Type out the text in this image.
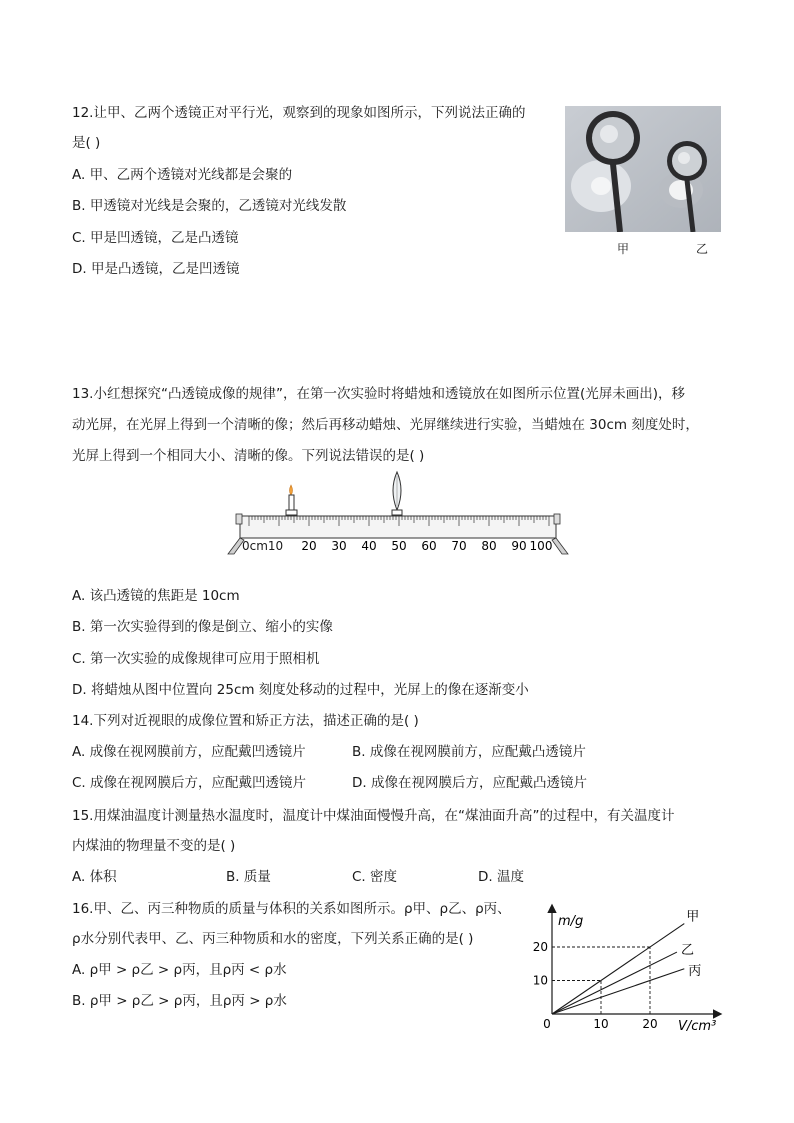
12.让甲、乙两个透镜正对平行光，观察到的现象如图所示，下列说法正确的
是( )
A. 甲、乙两个透镜对光线都是会聚的
B. 甲透镜对光线是会聚的，乙透镜对光线发散
C. 甲是凹透镜，乙是凸透镜
D. 甲是凸透镜，乙是凹透镜
甲	乙
13.小红想探究“凸透镜成像的规律”，在第一次实验时将蜡烛和透镜放在如图所示位置(光屏未画出)，移
动光屏，在光屏上得到一个清晰的像；然后再移动蜡烛、光屏继续进行实验，当蜡烛在 30cm 刻度处时，
光屏上得到一个相同大小、清晰的像。下列说法错误的是( )
0cm10 20 30 40 50 60 70 80 90 100
A. 该凸透镜的焦距是 10cm
B. 第一次实验得到的像是倒立、缩小的实像
C. 第一次实验的成像规律可应用于照相机
D. 将蜡烛从图中位置向 25cm 刻度处移动的过程中，光屏上的像在逐渐变小
14.下列对近视眼的成像位置和矫正方法，描述正确的是( )
A. 成像在视网膜前方，应配戴凹透镜片	B. 成像在视网膜前方，应配戴凸透镜片
C. 成像在视网膜后方，应配戴凹透镜片	D. 成像在视网膜后方，应配戴凸透镜片
15.用煤油温度计测量热水温度时，温度计中煤油面慢慢升高，在“煤油面升高”的过程中，有关温度计
内煤油的物理量不变的是( )
A. 体积	B. 质量	C. 密度	D. 温度
16.甲、乙、丙三种物质的质量与体积的关系如图所示。ρ甲、ρ乙、ρ丙、
ρ水分别代表甲、乙、丙三种物质和水的密度，下列关系正确的是( )
A. ρ甲 > ρ乙 > ρ丙，且ρ丙 < ρ水
B. ρ甲 > ρ乙 > ρ丙，且ρ丙 > ρ水
甲
乙
丙
m/g
V/cm³
0	10	20
10
20
